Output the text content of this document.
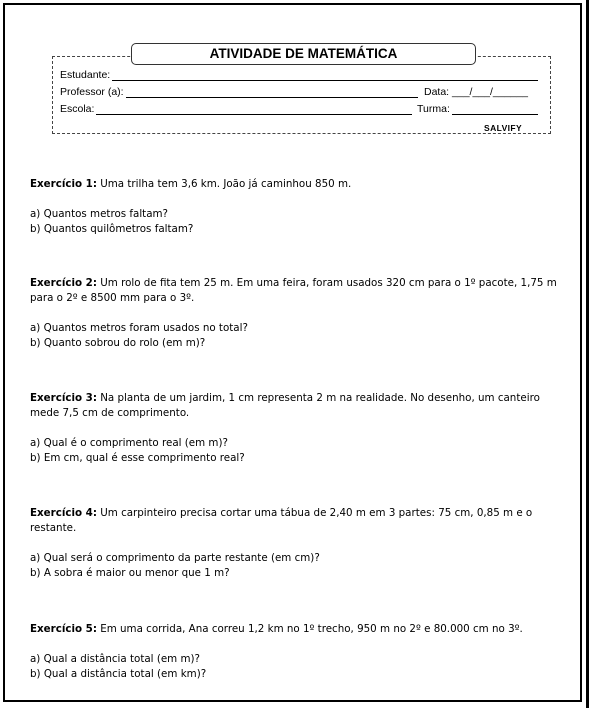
ATIVIDADE DE MATEMÁTICA
Estudante:
Professor (a):	Data: ___/___/______
Escola:	Turma:
SALVIFY

Exercício 1: Uma trilha tem 3,6 km. João já caminhou 850 m.

a) Quantos metros faltam?

b) Quantos quilômetros faltam?

Exercício 2: Um rolo de fita tem 25 m. Em uma feira, foram usados 320 cm para o 1º pacote, 1,75 m para o 2º e 8500 mm para o 3º.

a) Quantos metros foram usados no total?

b) Quanto sobrou do rolo (em m)?

Exercício 3: Na planta de um jardim, 1 cm representa 2 m na realidade. No desenho, um canteiro mede 7,5 cm de comprimento.

a) Qual é o comprimento real (em m)?

b) Em cm, qual é esse comprimento real?

Exercício 4: Um carpinteiro precisa cortar uma tábua de 2,40 m em 3 partes: 75 cm, 0,85 m e o restante.

a) Qual será o comprimento da parte restante (em cm)?

b) A sobra é maior ou menor que 1 m?

Exercício 5: Em uma corrida, Ana correu 1,2 km no 1º trecho, 950 m no 2º e 80.000 cm no 3º.

a) Qual a distância total (em m)?

b) Qual a distância total (em km)?
